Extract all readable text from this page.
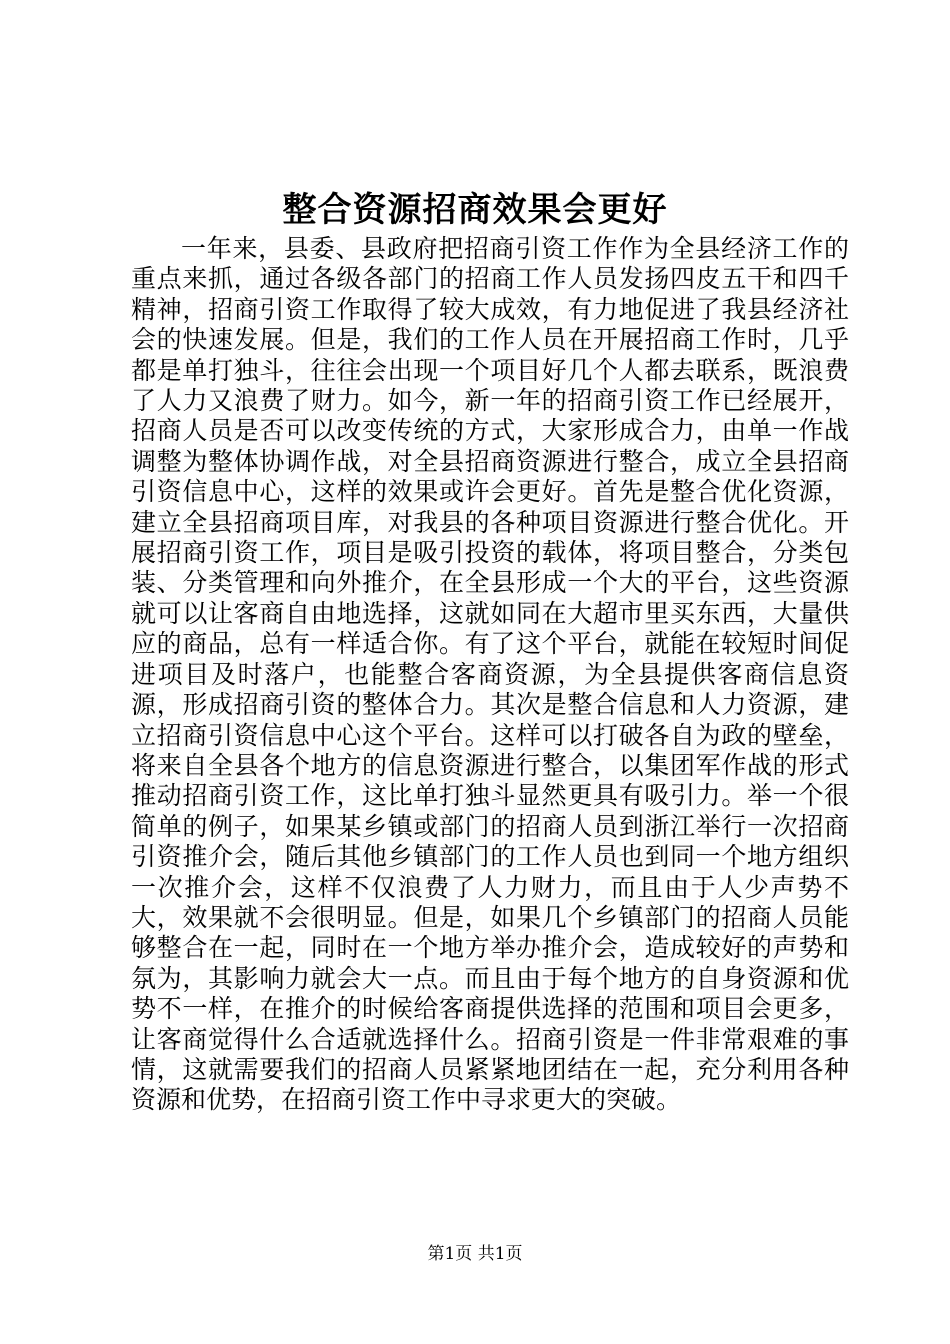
整合资源招商效果会更好

一年来，县委、县政府把招商引资工作作为全县经济工作的重点来抓，通过各级各部门的招商工作人员发扬四皮五干和四千精神，招商引资工作取得了较大成效，有力地促进了我县经济社会的快速发展。但是，我们的工作人员在开展招商工作时，几乎都是单打独斗，往往会出现一个项目好几个人都去联系，既浪费了人力又浪费了财力。如今，新一年的招商引资工作已经展开，招商人员是否可以改变传统的方式，大家形成合力，由单一作战调整为整体协调作战，对全县招商资源进行整合，成立全县招商引资信息中心，这样的效果或许会更好。首先是整合优化资源，建立全县招商项目库，对我县的各种项目资源进行整合优化。开展招商引资工作，项目是吸引投资的载体，将项目整合，分类包装、分类管理和向外推介，在全县形成一个大的平台，这些资源就可以让客商自由地选择，这就如同在大超市里买东西，大量供应的商品，总有一样适合你。有了这个平台，就能在较短时间促进项目及时落户，也能整合客商资源，为全县提供客商信息资源，形成招商引资的整体合力。其次是整合信息和人力资源，建立招商引资信息中心这个平台。这样可以打破各自为政的壁垒，将来自全县各个地方的信息资源进行整合，以集团军作战的形式推动招商引资工作，这比单打独斗显然更具有吸引力。举一个很简单的例子，如果某乡镇或部门的招商人员到浙江举行一次招商引资推介会，随后其他乡镇部门的工作人员也到同一个地方组织一次推介会，这样不仅浪费了人力财力，而且由于人少声势不大，效果就不会很明显。但是，如果几个乡镇部门的招商人员能够整合在一起，同时在一个地方举办推介会，造成较好的声势和氛为，其影响力就会大一点。而且由于每个地方的自身资源和优势不一样，在推介的时候给客商提供选择的范围和项目会更多，让客商觉得什么合适就选择什么。招商引资是一件非常艰难的事情，这就需要我们的招商人员紧紧地团结在一起，充分利用各种资源和优势，在招商引资工作中寻求更大的突破。

第1页 共1页
